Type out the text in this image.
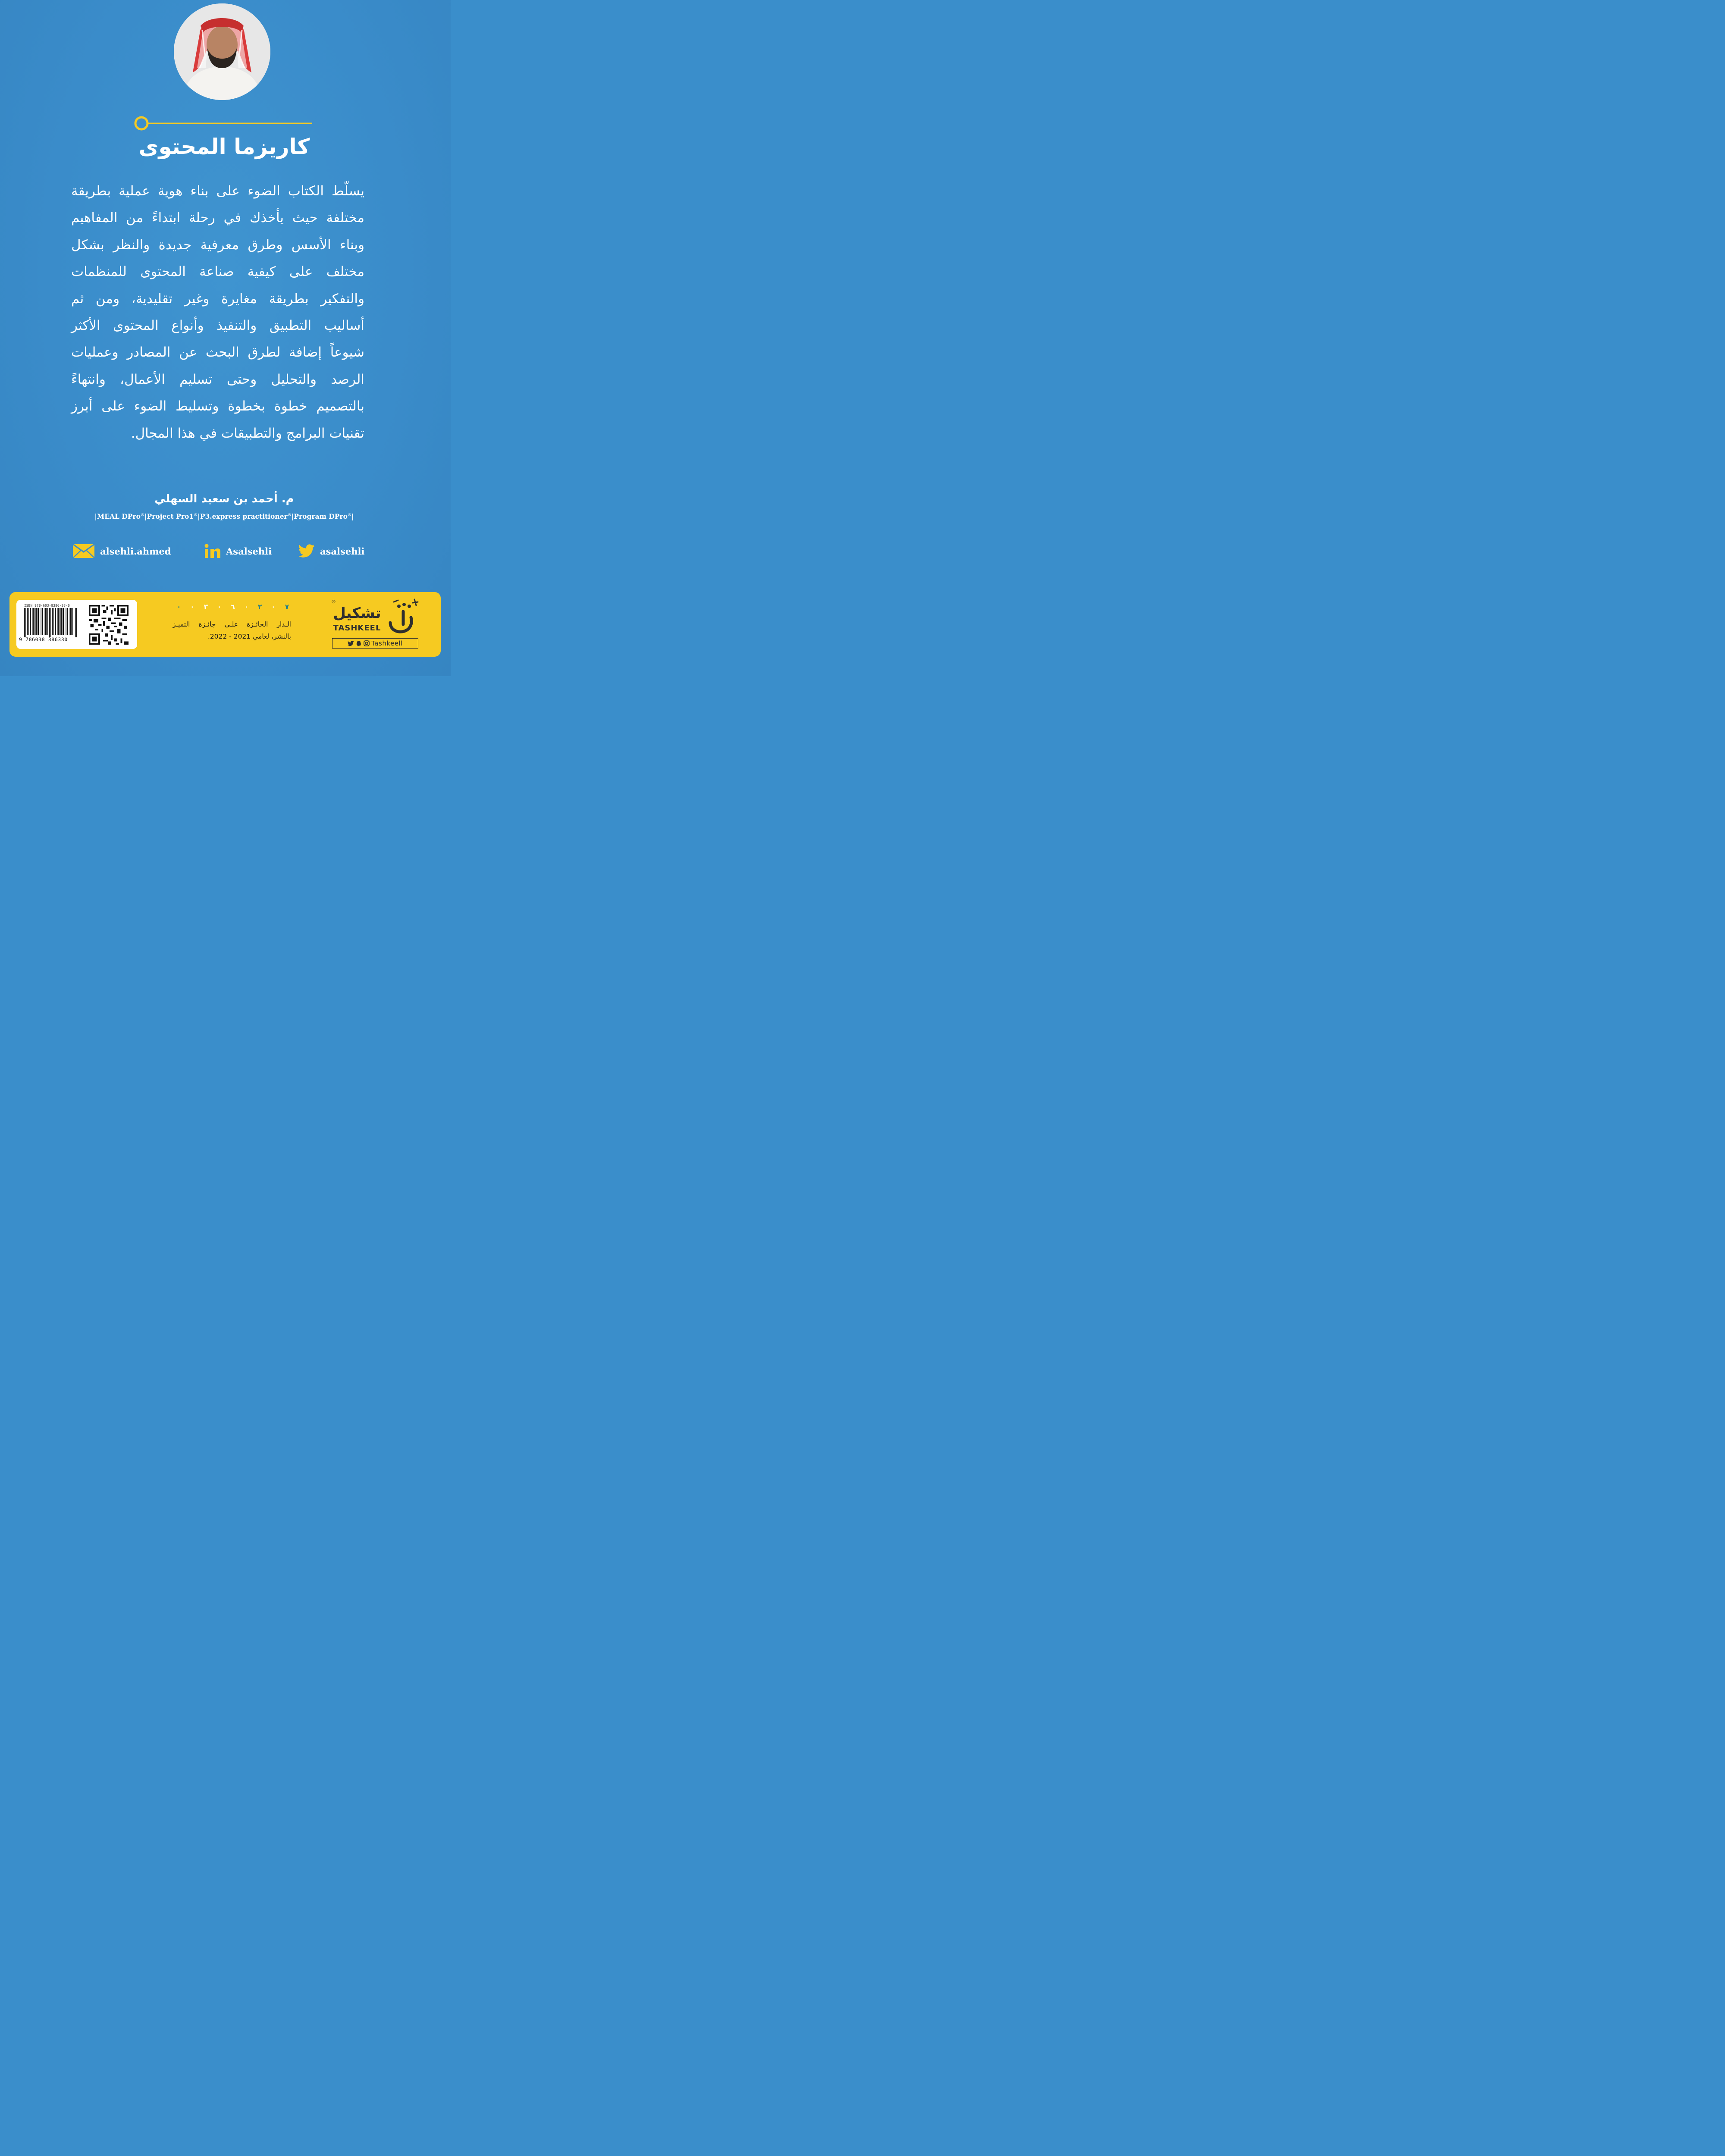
كاريزما المحتوى
يسلّط الكتاب الضوء على بناء هوية عملية بطريقة
مختلفة حيث يأخذك في رحلة ابتداءً من المفاهيم
وبناء الأسس وطرق معرفية جديدة والنظر بشكل
مختلف على كيفية صناعة المحتوى للمنظمات
والتفكير بطريقة مغايرة وغير تقليدية، ومن ثم
أساليب التطبيق والتنفيذ وأنواع المحتوى الأكثر
شيوعاً إضافة لطرق البحث عن المصادر وعمليات
الرصد والتحليل وحتى تسليم الأعمال، وانتهاءً
بالتصميم خطوة بخطوة وتسليط الضوء على أبرز
تقنيات البرامج والتطبيقات في هذا المجال.
م. أحمد بن سعيد السهلي
|MEAL DPro®|Project Pro1®|P3.express practitioner®|Program DPro®|
alsehli.ahmed	Asalsehli	asalsehli
ISBN 978-603-8386-33-0
9 786038 386330
٧
٠
٢
٠
٦
٠
٣
٠
٠
الـدار الحائـزة علـى جائـزة التميـز
بالنشر، لعامي 2021 - 2022.
®
تشكيل
TASHKEEL
Tashkeell
